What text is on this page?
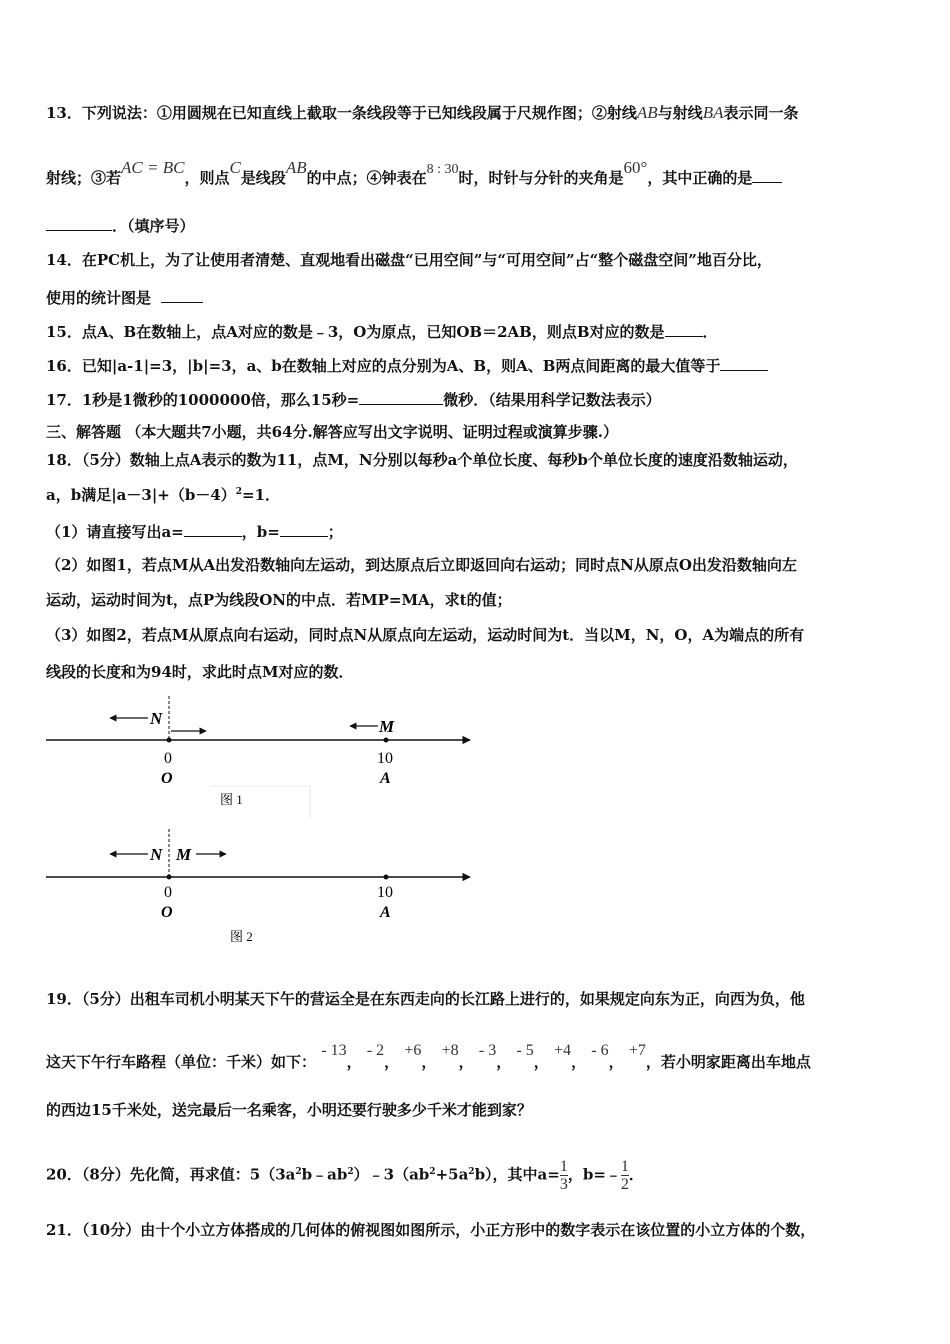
13．下列说法：①用圆规在已知直线上截取一条线段等于已知线段属于尺规作图；②射线AB与射线BA表示同一条
射线；③若AC = BC，则点C是线段AB的中点；④钟表在8 : 30时，时针与分针的夹角是60°，其中正确的是
．（填序号）
14．在PC机上，为了让使用者清楚、直观地看出磁盘“已用空间”与“可用空间”占“整个磁盘空间”地百分比，
使用的统计图是
15．点A、B在数轴上，点A对应的数是﹣3，O为原点，已知OB＝2AB，则点B对应的数是	．
16．已知|a-1|=3，|b|=3，a、b在数轴上对应的点分别为A、B，则A、B两点间距离的最大值等于
17．1秒是1微秒的1000000倍，那么15秒=	微秒．（结果用科学记数法表示）
三、解答题 （本大题共7小题，共64分.解答应写出文字说明、证明过程或演算步骤.）
18．（5分）数轴上点A表示的数为11，点M，N分别以每秒a个单位长度、每秒b个单位长度的速度沿数轴运动，
a，b满足$|a-3|+(b-4)^2=1$．
（1）请直接写出a=	，b=	；
（2）如图1，若点M从A出发沿数轴向左运动，到达原点后立即返回向右运动；同时点N从原点O出发沿数轴向左
运动，运动时间为t，点P为线段ON的中点．若MP=MA，求t的值；
（3）如图2，若点M从原点向右运动，同时点N从原点向左运动，运动时间为t．当以M，N，O，A为端点的所有
线段的长度和为94时，求此时点M对应的数．
N	M
0	10
O	A
图 1
N M
0	10
O	A
图 2
19．（5分）出租车司机小明某天下午的营运全是在东西走向的长江路上进行的，如果规定向东为正，向西为负，他
这天下午行车路程（单位：千米）如下： - 13， - 2， +6， +8， - 3， - 5， +4， - 6， +7，若小明家距离出车地点
的西边15千米处，送完最后一名乘客，小明还要行驶多少千米才能到家？
20．（8分）先化简，再求值：$5(3a^2b﹣ab^2)﹣3(ab^2+5a^2b)$，其中$a= \frac{1}{3}$ ，b=﹣ $\frac{1}{2}$ ．
21．（10分）由十个小立方体搭成的几何体的俯视图如图所示，小正方形中的数字表示在该位置的小立方体的个数，
